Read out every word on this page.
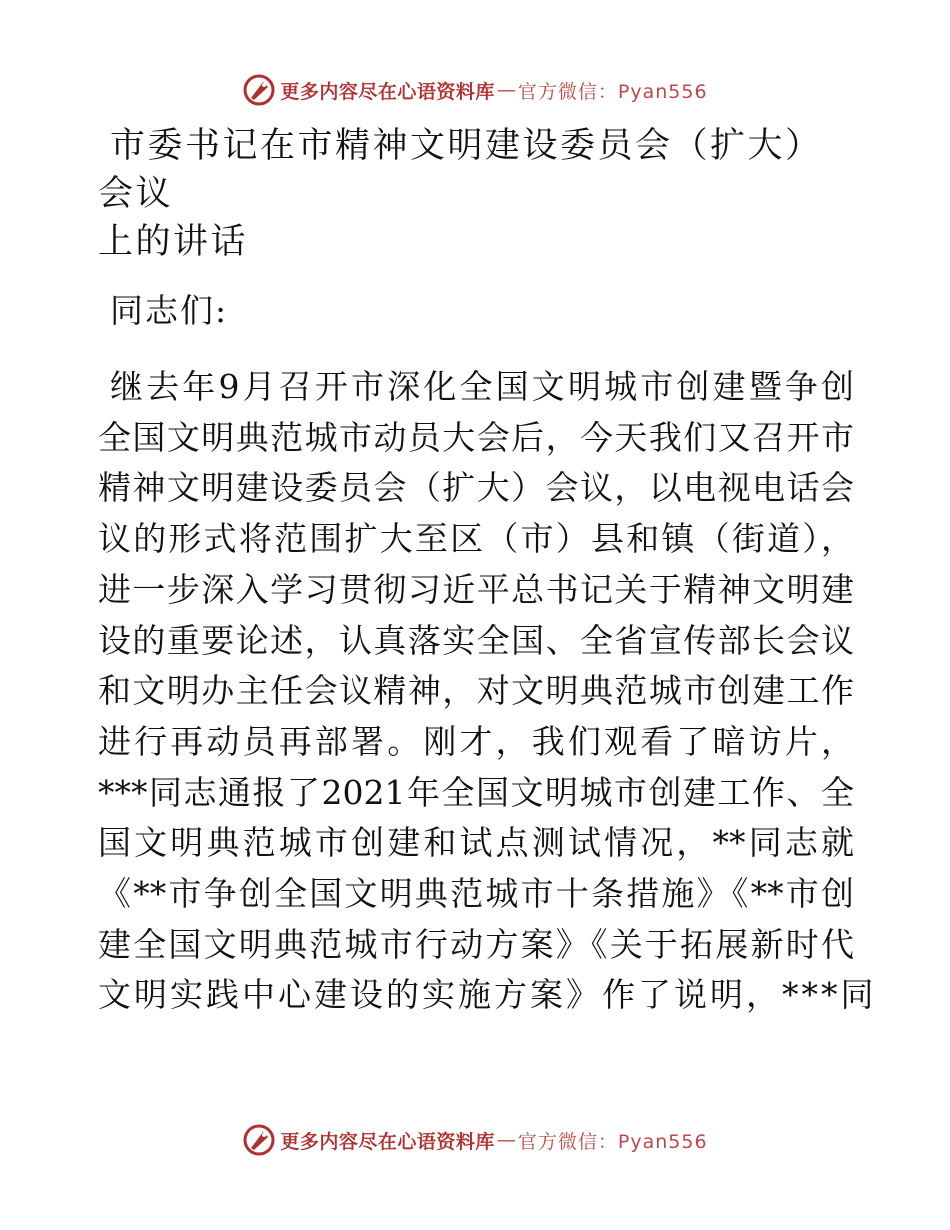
更多内容尽在心语资料库 — 官方微信：Pyan556
市委书记在市精神文明建设委员会（扩大）会议
上的讲话

同志们:

继去年9月召开市深化全国文明城市创建暨争创
全国文明典范城市动员大会后，今天我们又召开市
精神文明建设委员会（扩大）会议，以电视电话会
议的形式将范围扩大至区（市）县和镇（街道），
进一步深入学习贯彻习近平总书记关于精神文明建
设的重要论述，认真落实全国、全省宣传部长会议
和文明办主任会议精神，对文明典范城市创建工作
进行再动员再部署。刚才，我们观看了暗访片，
***同志通报了2021年全国文明城市创建工作、全
国文明典范城市创建和试点测试情况，**同志就
《**市争创全国文明典范城市十条措施》《**市创
建全国文明典范城市行动方案》《关于拓展新时代
文明实践中心建设的实施方案》作了说明，***同
更多内容尽在心语资料库 — 官方微信：Pyan556
